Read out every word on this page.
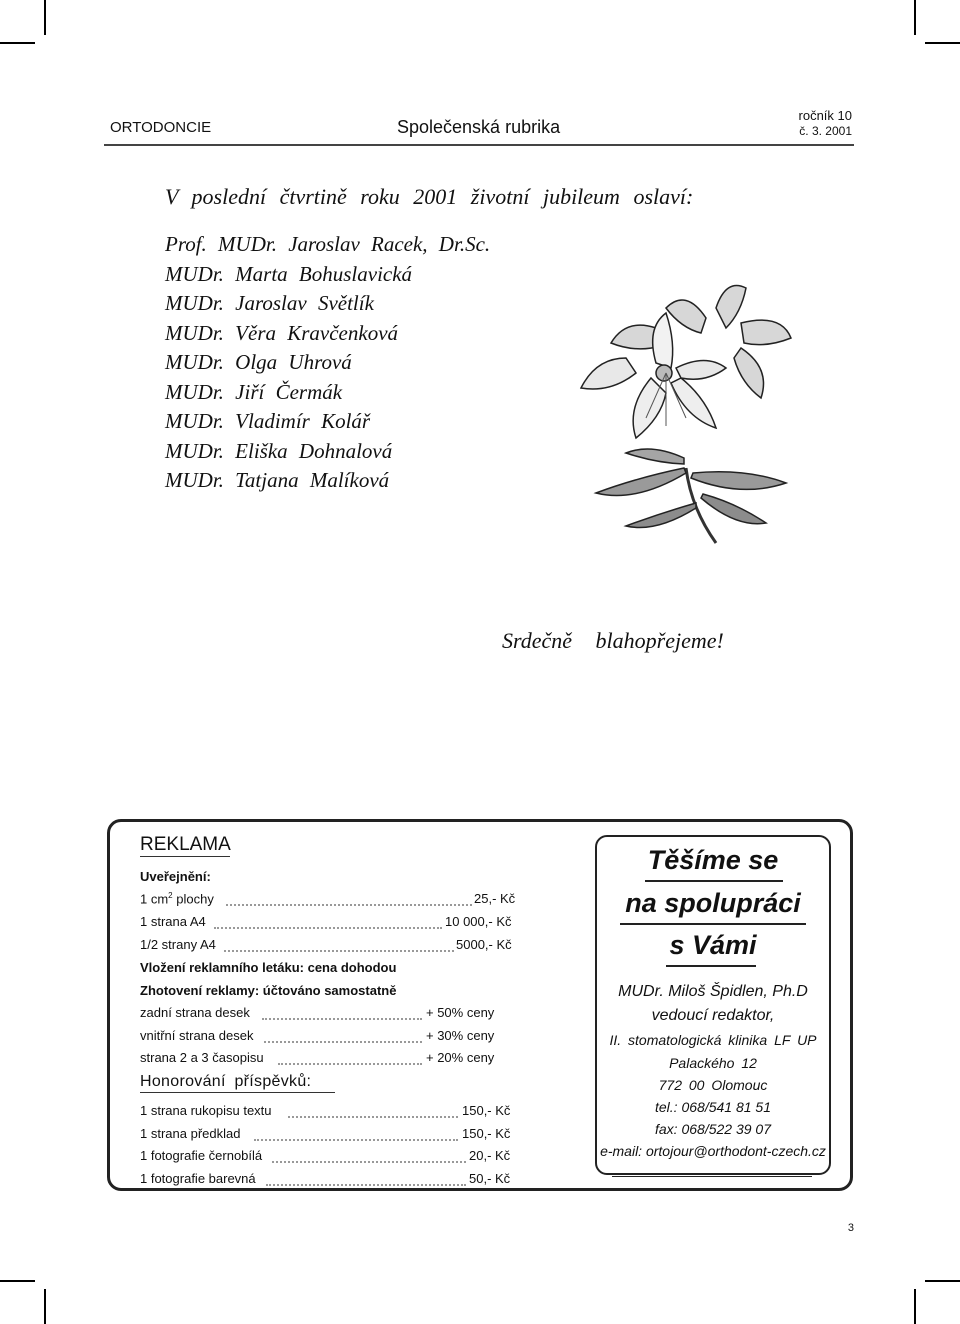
ORTODONCIE	Společenská rubrika
ročník 10
č. 3. 2001
V poslední čtvrtině roku 2001 životní jubileum oslaví:
Prof. MUDr. Jaroslav Racek, Dr.Sc.
MUDr. Marta Bohuslavická
MUDr. Jaroslav Světlík
MUDr. Věra Kravčenková
MUDr. Olga Uhrová
MUDr. Jiří Čermák
MUDr. Vladimír Kolář
MUDr. Eliška Dohnalová
MUDr. Tatjana Malíková
Srdečně blahopřejeme!
REKLAMA
Uveřejnění:
1 $cm^2$ plochy	25,- Kč
1 strana A4	10 000,- Kč
1/2 strany A4	5000,- Kč
Vložení reklamního letáku: cena dohodou
Zhotovení reklamy: účtováno samostatně
zadní strana desek	+ 50% ceny
vnitřní strana desek	+ 30% ceny
strana 2 a 3 časopisu	+ 20% ceny
Honorování příspěvků:
1 strana rukopisu textu	150,- Kč
1 strana předklad	150,- Kč
1 fotografie černobílá	20,- Kč
1 fotografie barevná	50,- Kč
Těšíme se
na spolupráci
s Vámi
MUDr. Miloš Špidlen, Ph.D
vedoucí redaktor,
II. stomatologická klinika LF UP
Palackého 12
772 00 Olomouc
tel.: 068/541 81 51
fax: 068/522 39 07
e-mail: ortojour@orthodont-czech.cz
3
